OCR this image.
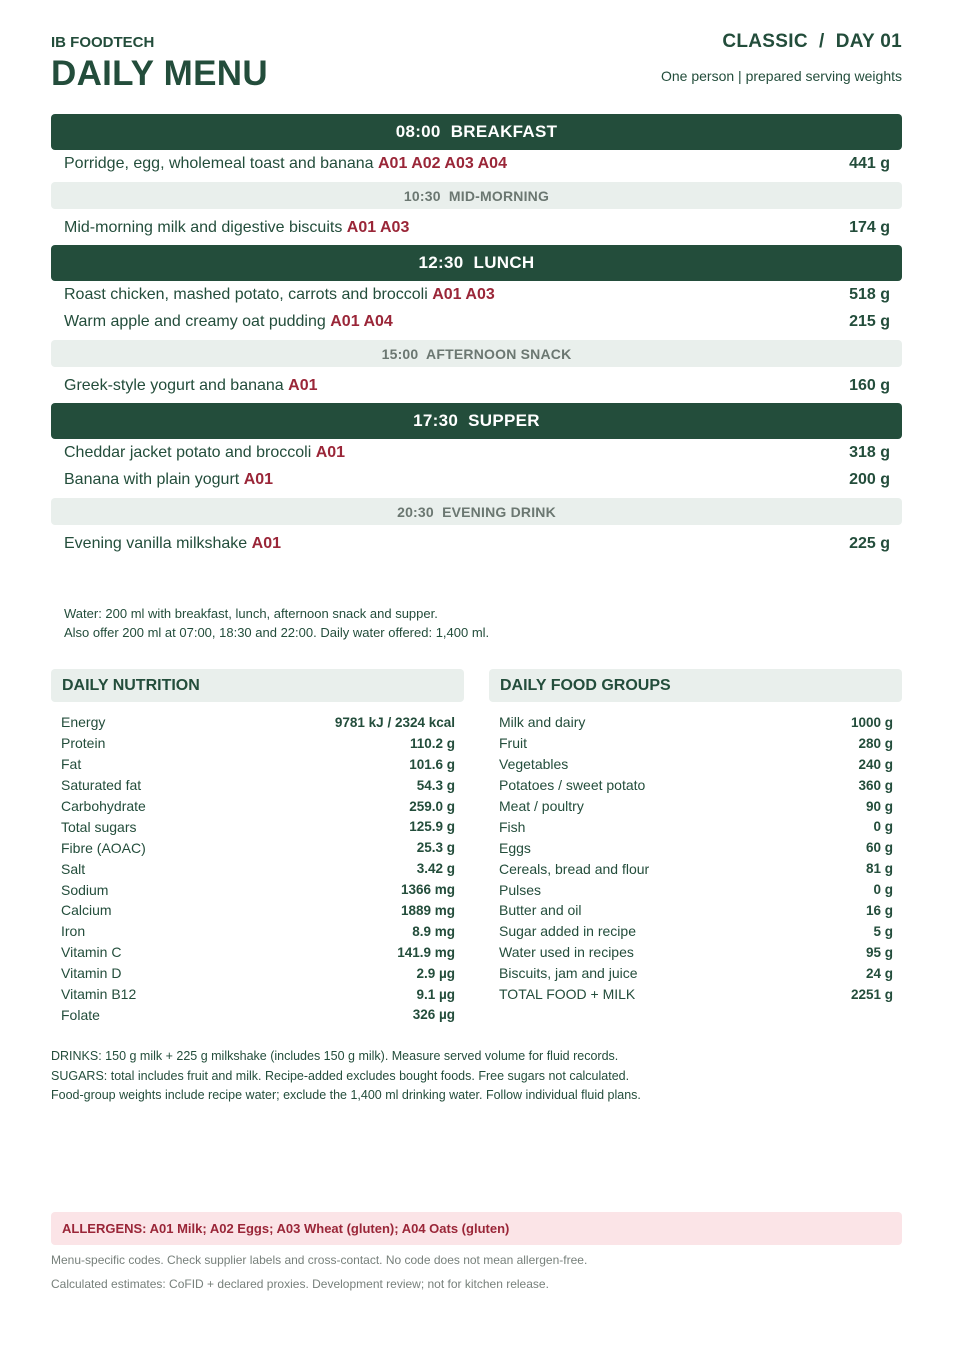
IB FOODTECH
DAILY MENU
CLASSIC  /  DAY 01
One person | prepared serving weights
08:00  BREAKFAST
Porridge, egg, wholemeal toast and banana A01 A02 A03 A04	441 g
10:30  MID-MORNING
Mid-morning milk and digestive biscuits A01 A03	174 g
12:30  LUNCH
Roast chicken, mashed potato, carrots and broccoli A01 A03	518 g
Warm apple and creamy oat pudding A01 A04	215 g
15:00  AFTERNOON SNACK
Greek-style yogurt and banana A01	160 g
17:30  SUPPER
Cheddar jacket potato and broccoli A01	318 g
Banana with plain yogurt A01	200 g
20:30  EVENING DRINK
Evening vanilla milkshake A01	225 g
Water: 200 ml with breakfast, lunch, afternoon snack and supper.
Also offer 200 ml at 07:00, 18:30 and 22:00. Daily water offered: 1,400 ml.
DAILY NUTRITION
Energy	9781 kJ / 2324 kcal
Protein	110.2 g
Fat	101.6 g
Saturated fat	54.3 g
Carbohydrate	259.0 g
Total sugars	125.9 g
Fibre (AOAC)	25.3 g
Salt	3.42 g
Sodium	1366 mg
Calcium	1889 mg
Iron	8.9 mg
Vitamin C	141.9 mg
Vitamin D	2.9 µg
Vitamin B12	9.1 µg
Folate	326 µg
DAILY FOOD GROUPS
Milk and dairy	1000 g
Fruit	280 g
Vegetables	240 g
Potatoes / sweet potato	360 g
Meat / poultry	90 g
Fish	0 g
Eggs	60 g
Cereals, bread and flour	81 g
Pulses	0 g
Butter and oil	16 g
Sugar added in recipe	5 g
Water used in recipes	95 g
Biscuits, jam and juice	24 g
TOTAL FOOD + MILK	2251 g
DRINKS: 150 g milk + 225 g milkshake (includes 150 g milk). Measure served volume for fluid records.
SUGARS: total includes fruit and milk. Recipe-added excludes bought foods. Free sugars not calculated.
Food-group weights include recipe water; exclude the 1,400 ml drinking water. Follow individual fluid plans.
ALLERGENS: A01 Milk; A02 Eggs; A03 Wheat (gluten); A04 Oats (gluten)
Menu-specific codes. Check supplier labels and cross-contact. No code does not mean allergen-free.
Calculated estimates: CoFID + declared proxies. Development review; not for kitchen release.
